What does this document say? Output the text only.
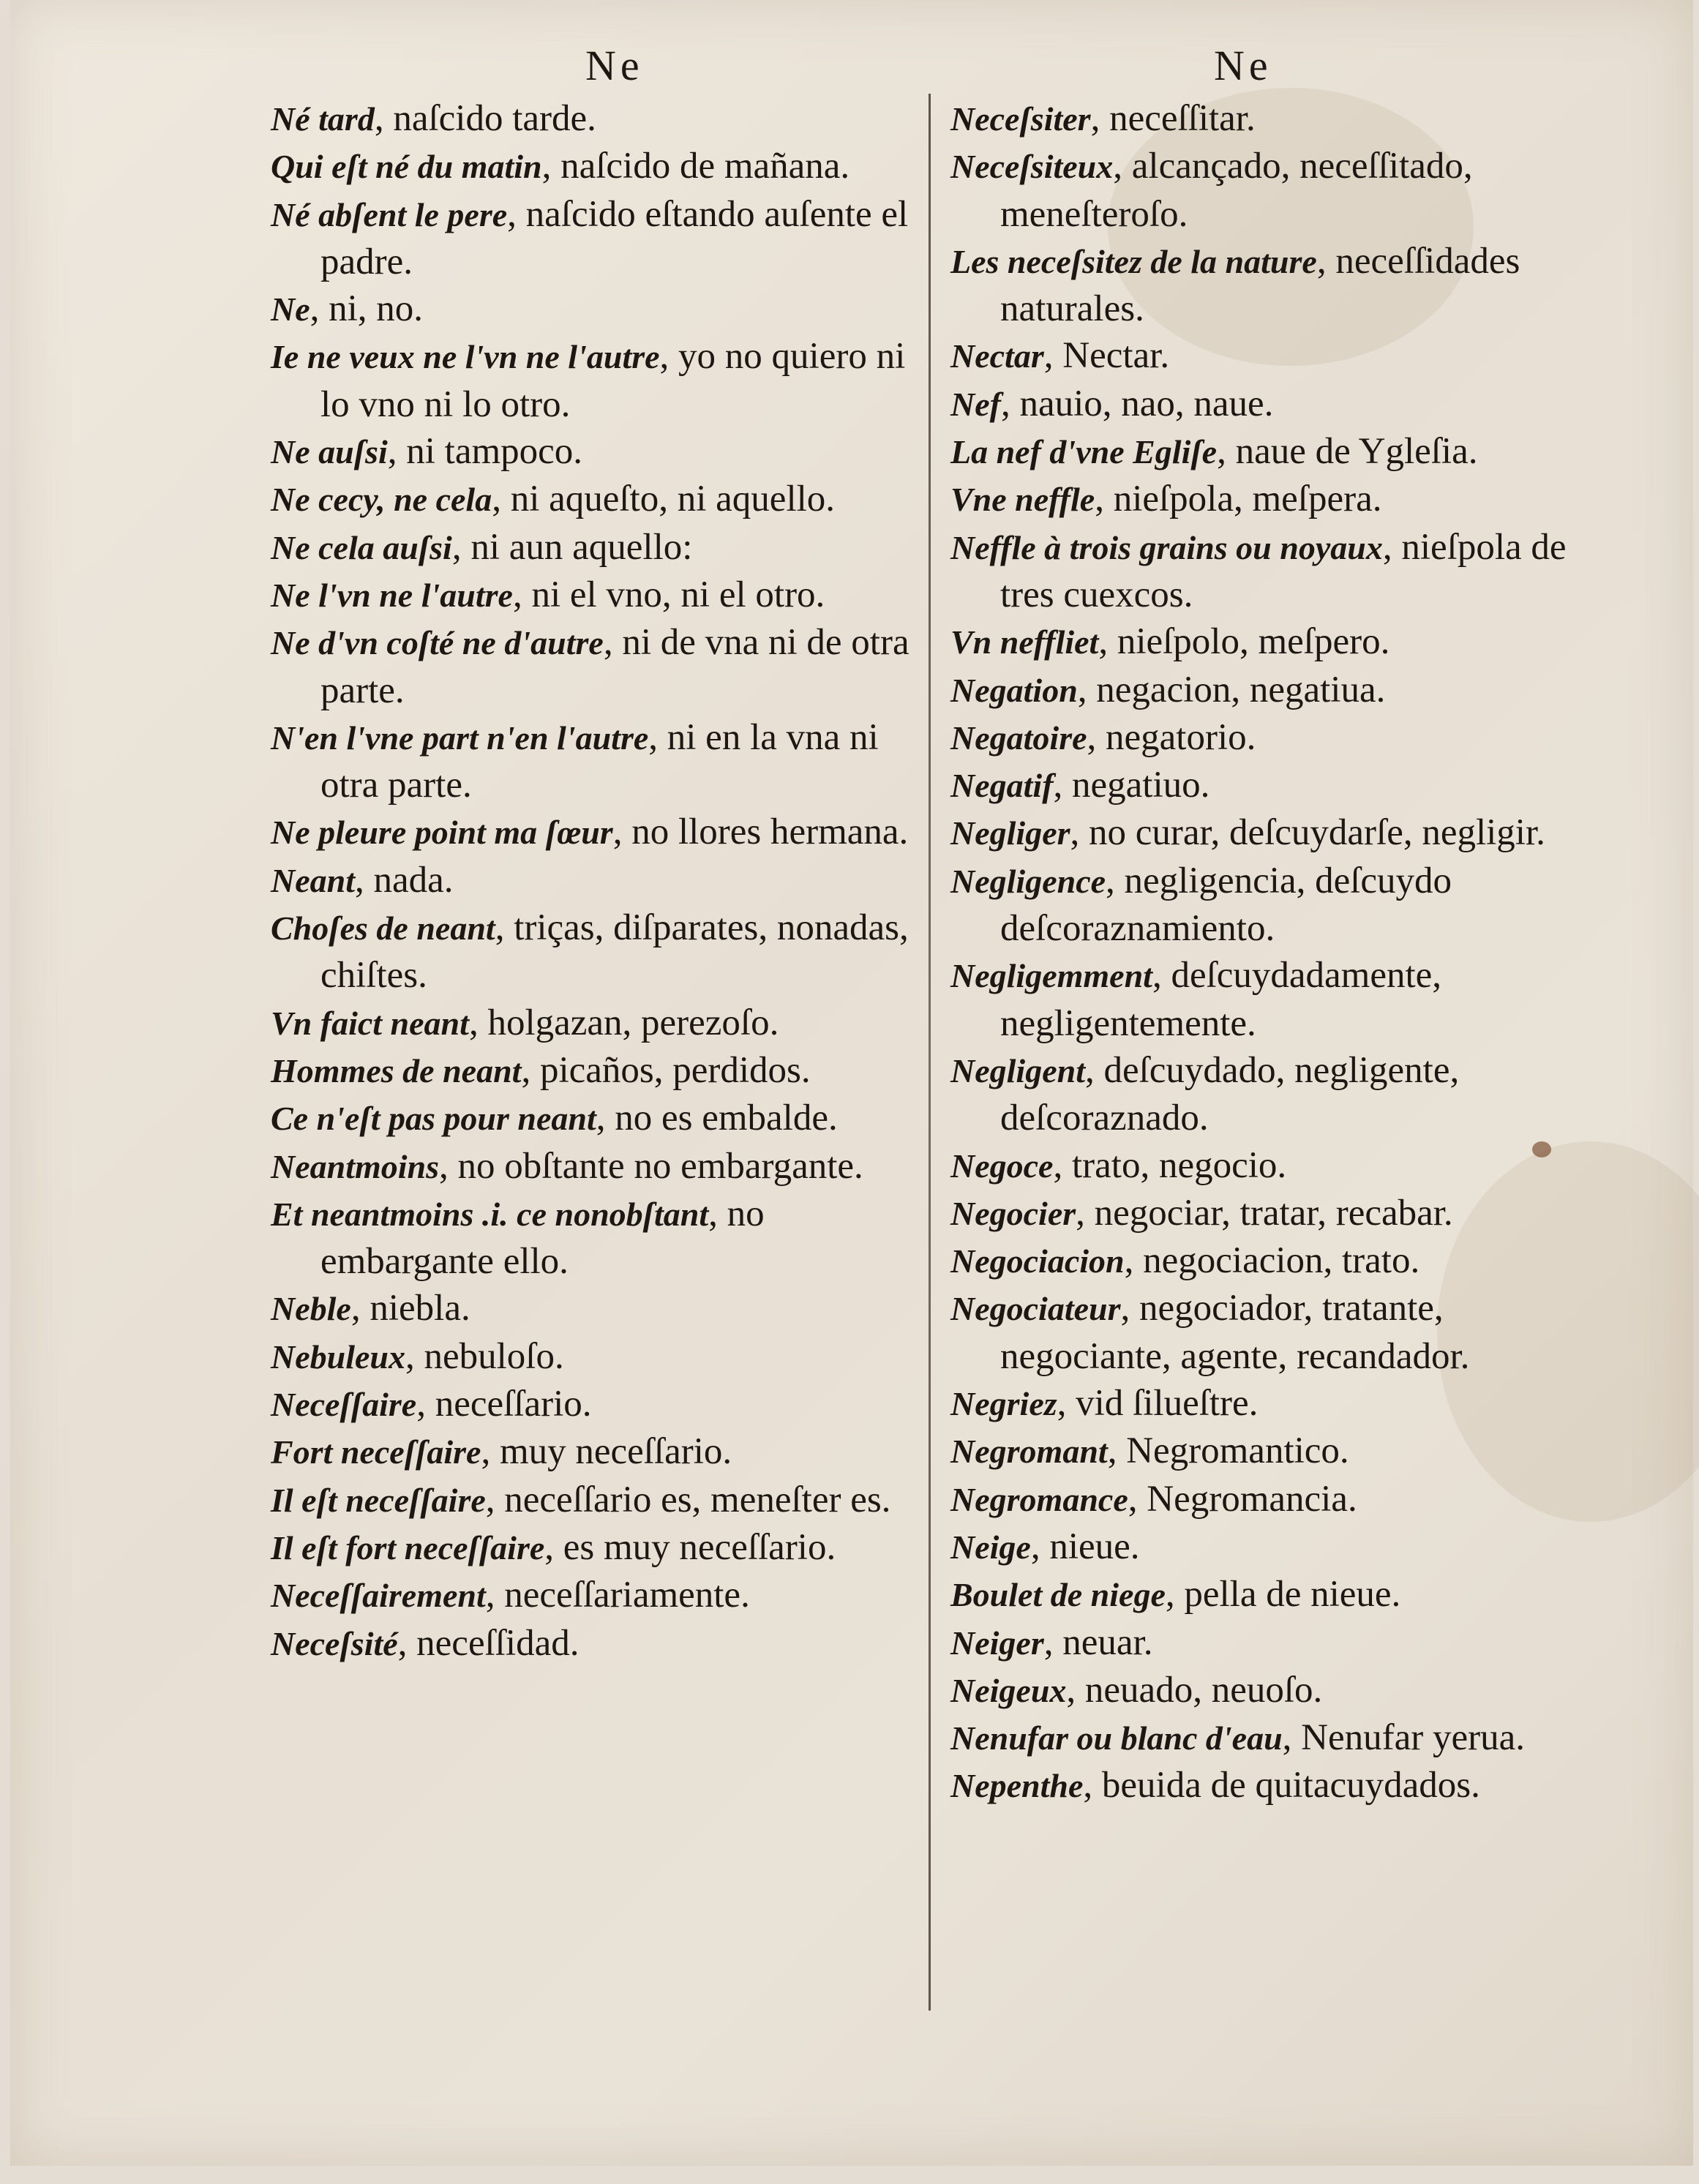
Ne

Né tard, naſcido tarde.

Qui eſt né du matin, naſcido de mañana.

Né abſent le pere, naſcido eſtando auſente el padre.

Ne, ni, no.

Ie ne veux ne l'vn ne l'autre, yo no quiero ni lo vno ni lo otro.

Ne auſsi, ni tampoco.

Ne cecy, ne cela, ni aqueſto, ni aquello.

Ne cela auſsi, ni aun aquello:

Ne l'vn ne l'autre, ni el vno, ni el otro.

Ne d'vn coſté ne d'autre, ni de vna ni de otra parte.

N'en l'vne part n'en l'autre, ni en la vna ni otra parte.

Ne pleure point ma ſœur, no llores hermana.

Neant, nada.

Choſes de neant, triças, diſparates, nonadas, chiſtes.

Vn faict neant, holgazan, perezoſo.

Hommes de neant, picaños, perdidos.

Ce n'eſt pas pour neant, no es embalde.

Neantmoins, no obſtante no embargante.

Et neantmoins .i. ce nonobſtant, no embargante ello.

Neble, niebla.

Nebuleux, nebuloſo.

Neceſſaire, neceſſario.

Fort neceſſaire, muy neceſſario.

Il eſt neceſſaire, neceſſario es, meneſter es.

Il eſt fort neceſſaire, es muy neceſſario.

Neceſſairement, neceſſariamente.

Neceſsité, neceſſidad.

Ne

Neceſsiter, neceſſitar.

Neceſsiteux, alcançado, neceſſitado, meneſteroſo.

Les neceſsitez de la nature, neceſſidades naturales.

Nectar, Nectar.

Nef, nauio, nao, naue.

La nef d'vne Egliſe, naue de Ygleſia.

Vne neffle, nieſpola, meſpera.

Neffle à trois grains ou noyaux, nieſpola de tres cuexcos.

Vn neffliet, nieſpolo, meſpero.

Negation, negacion, negatiua.

Negatoire, negatorio.

Negatif, negatiuo.

Negliger, no curar, deſcuydarſe, negligir.

Negligence, negligencia, deſcuydo deſcoraznamiento.

Negligemment, deſcuydadamente, negligentemente.

Negligent, deſcuydado, negligente, deſcoraznado.

Negoce, trato, negocio.

Negocier, negociar, tratar, recabar.

Negociacion, negociacion, trato.

Negociateur, negociador, tratante, negociante, agente, recandador.

Negriez, vid ſilueſtre.

Negromant, Negromantico.

Negromance, Negromancia.

Neige, nieue.

Boulet de niege, pella de nieue.

Neiger, neuar.

Neigeux, neuado, neuoſo.

Nenufar ou blanc d'eau, Nenufar yerua.

Nepenthe, beuida de quitacuydados.
